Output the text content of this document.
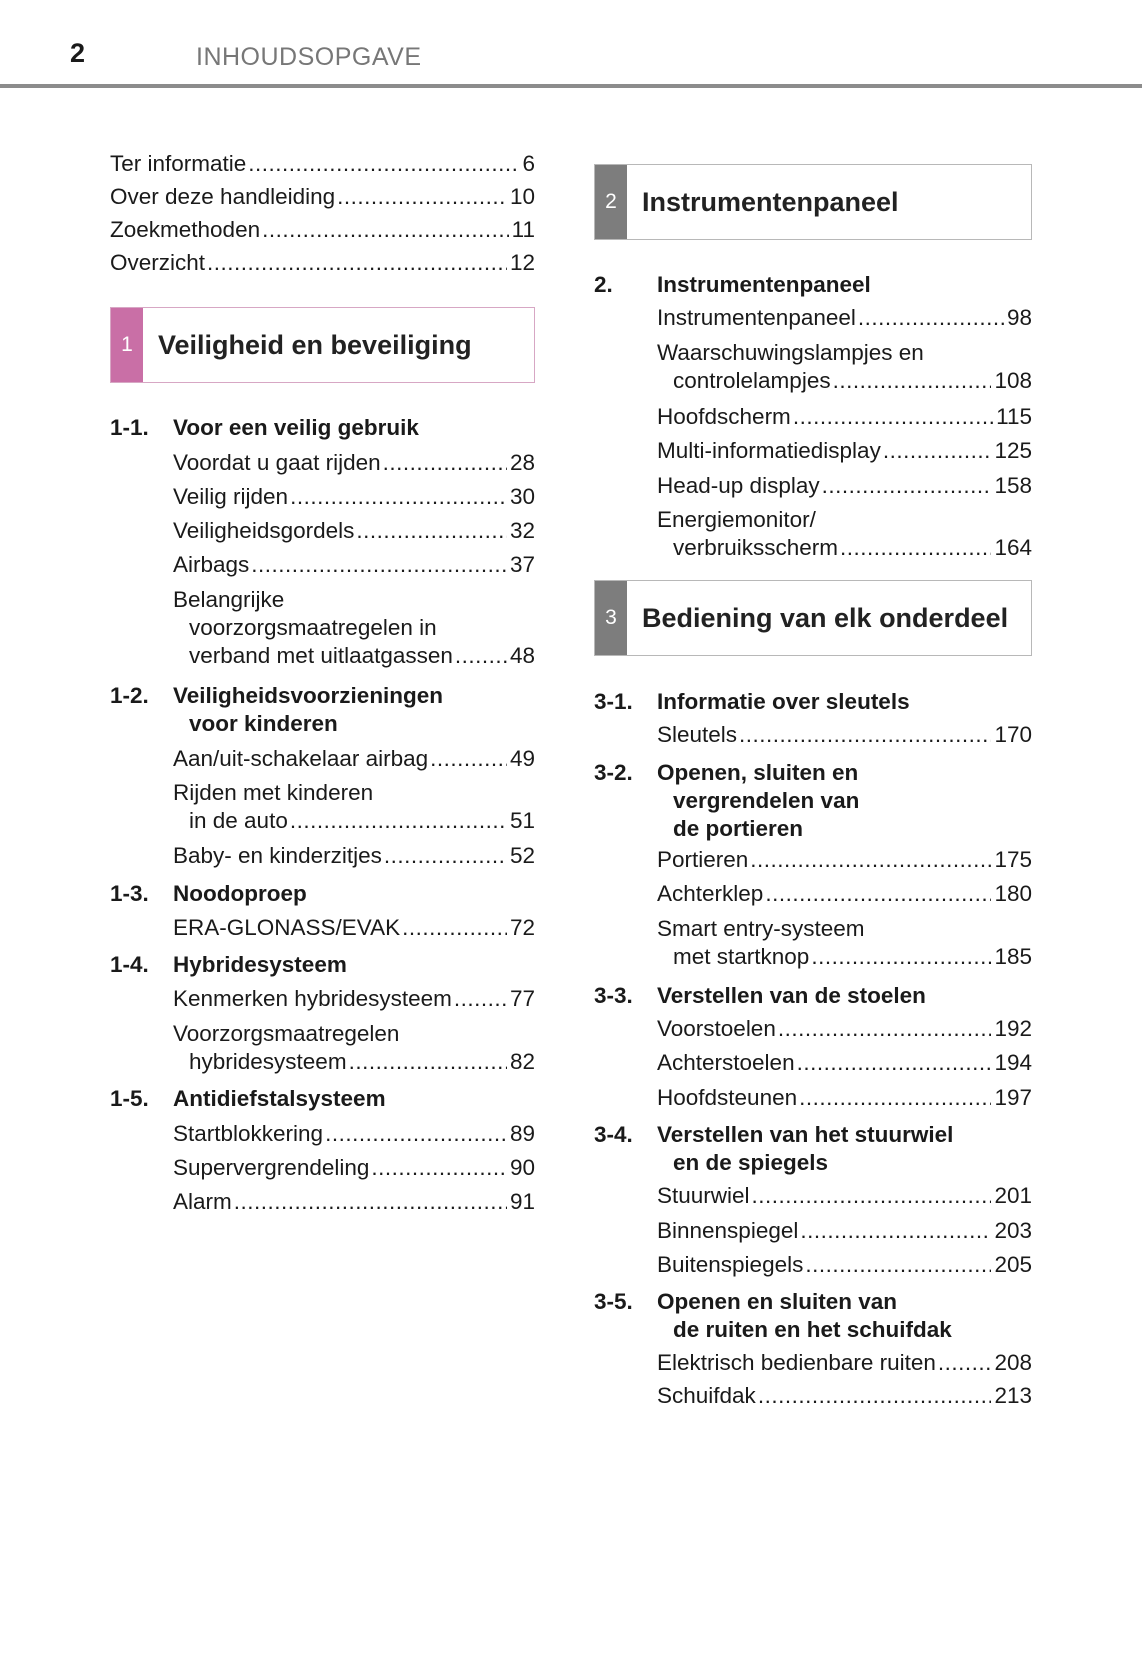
2	INHOUDSOPGAVE
Ter informatie .....	6
Over deze handleiding .....	10
Zoekmethoden .....	11
Overzicht .....	12
1 Veiligheid en beveiliging
1-1. Voor een veilig gebruik
Voordat u gaat rijden .....	28
Veilig rijden .....	30
Veiligheidsgordels .....	32
Airbags .....	37
Belangrijke
voorzorgsmaatregelen in
verband met uitlaatgassen .....	48
1-2. Veiligheidsvoorzieningen
voor kinderen
Aan/uit-schakelaar airbag .....	49
Rijden met kinderen
in de auto .....	51
Baby- en kinderzitjes .....	52
1-3. Noodoproep
ERA-GLONASS/EVAK .....	72
1-4. Hybridesysteem
Kenmerken hybridesysteem .....	77
Voorzorgsmaatregelen
hybridesysteem .....	82
1-5. Antidiefstalsysteem
Startblokkering .....	89
Supervergrendeling .....	90
Alarm .....	91
2 Instrumentenpaneel
2. Instrumentenpaneel
Instrumentenpaneel .....	98
Waarschuwingslampjes en
controlelampjes .....	108
Hoofdscherm .....	115
Multi-informatiedisplay .....	125
Head-up display .....	158
Energiemonitor/
verbruiksscherm .....	164
3 Bediening van elk onderdeel
3-1. Informatie over sleutels
Sleutels .....	170
3-2. Openen, sluiten en
vergrendelen van
de portieren
Portieren .....	175
Achterklep .....	180
Smart entry-systeem
met startknop .....	185
3-3. Verstellen van de stoelen
Voorstoelen .....	192
Achterstoelen .....	194
Hoofdsteunen .....	197
3-4. Verstellen van het stuurwiel
en de spiegels
Stuurwiel .....	201
Binnenspiegel .....	203
Buitenspiegels .....	205
3-5. Openen en sluiten van
de ruiten en het schuifdak
Elektrisch bedienbare ruiten .....	208
Schuifdak .....	213
